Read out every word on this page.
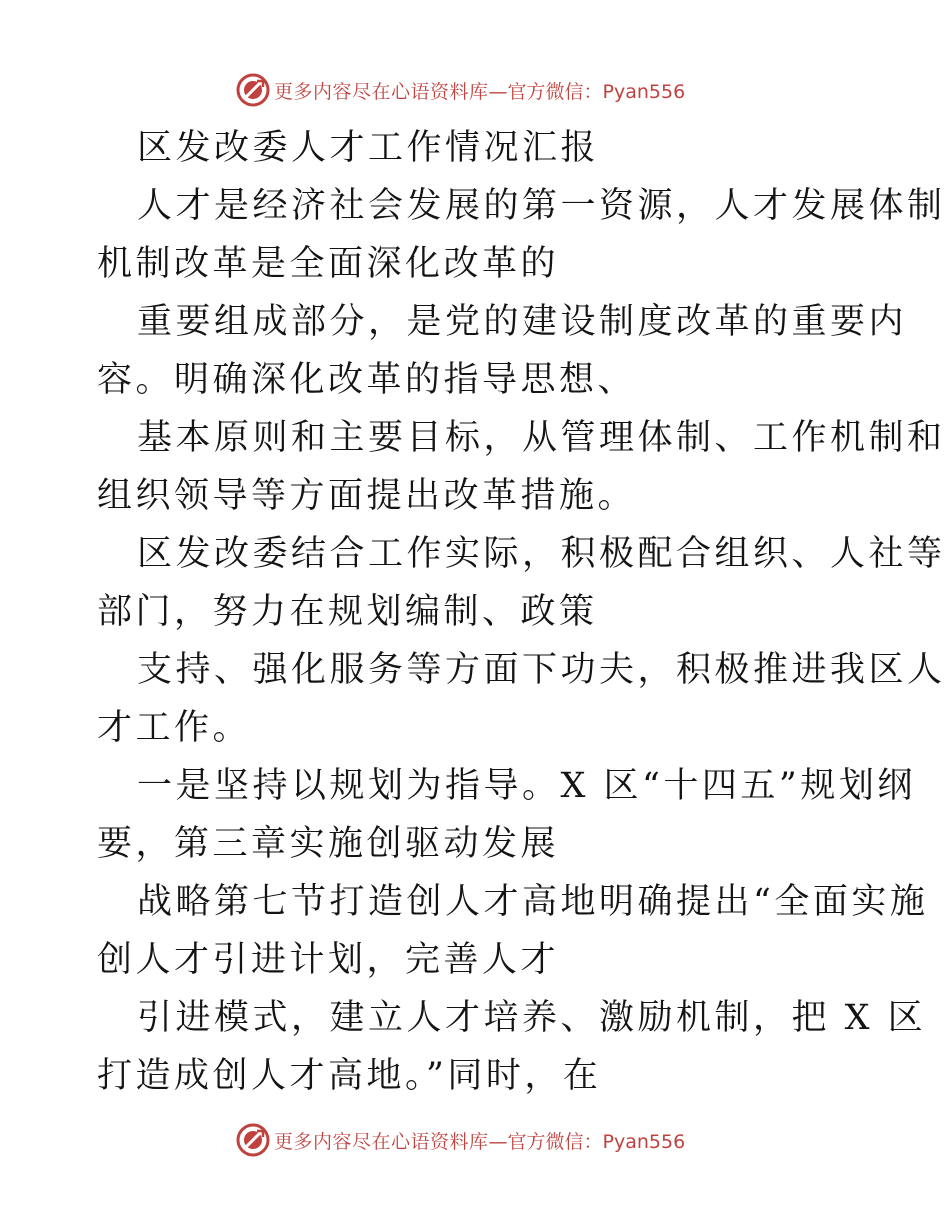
更多内容尽在心语资料库 —官方微信：Pyan556
区发改委人才工作情况汇报
人才是经济社会发展的第一资源，人才发展体制
机制改革是全面深化改革的
重要组成部分，是党的建设制度改革的重要内
容。明确深化改革的指导思想、
基本原则和主要目标，从管理体制、工作机制和
组织领导等方面提出改革措施。
区发改委结合工作实际，积极配合组织、人社等
部门，努力在规划编制、政策
支持、强化服务等方面下功夫，积极推进我区人
才工作。
一是坚持以规划为指导。X 区“十四五”规划纲
要，第三章实施创驱动发展
战略第七节打造创人才高地明确提出“全面实施
创人才引进计划，完善人才
引进模式，建立人才培养、激励机制，把 X 区
打造成创人才高地。”同时，在
更多内容尽在心语资料库 —官方微信：Pyan556
